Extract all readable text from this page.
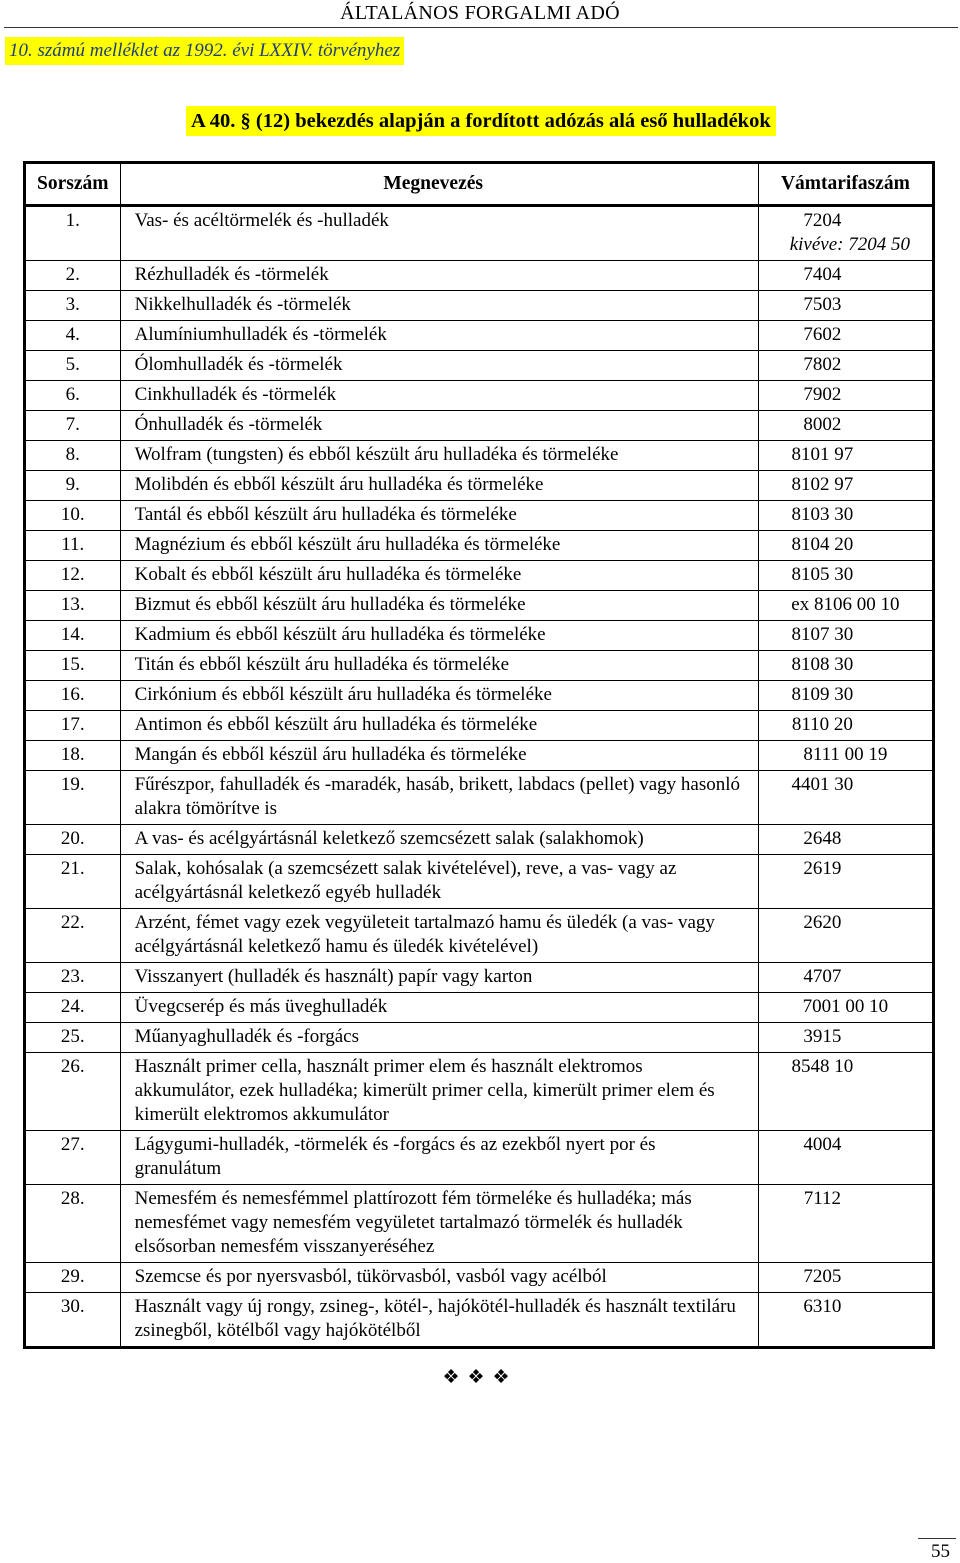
ÁLTALÁNOS FORGALMI ADÓ
10. számú melléklet az 1992. évi LXXIV. törvényhez
A 40. § (12) bekezdés alapján a fordított adózás alá eső hulladékok
Sorszám	Megnevezés	Vámtarifaszám
1.	Vas- és acéltörmelék és -hulladék	7204
kivéve: 7204 50

2.	Rézhulladék és -törmelék	7404

3.	Nikkelhulladék és -törmelék	7503

4.	Alumíniumhulladék és -törmelék	7602

5.	Ólomhulladék és -törmelék	7802

6.	Cinkhulladék és -törmelék	7902

7.	Ónhulladék és -törmelék	8002

8.	Wolfram (tungsten) és ebből készült áru hulladéka és törmeléke	8101 97

9.	Molibdén és ebből készült áru hulladéka és törmeléke	8102 97

10.	Tantál és ebből készült áru hulladéka és törmeléke	8103 30

11.	Magnézium és ebből készült áru hulladéka és törmeléke	8104 20

12.	Kobalt és ebből készült áru hulladéka és törmeléke	8105 30

13.	Bizmut és ebből készült áru hulladéka és törmeléke	ex 8106 00 10

14.	Kadmium és ebből készült áru hulladéka és törmeléke	8107 30

15.	Titán és ebből készült áru hulladéka és törmeléke	8108 30

16.	Cirkónium és ebből készült áru hulladéka és törmeléke	8109 30

17.	Antimon és ebből készült áru hulladéka és törmeléke	8110 20

18.	Mangán és ebből készül áru hulladéka és törmeléke	8111 00 19

19.	Fűrészpor, fahulladék és -maradék, hasáb, brikett, labdacs (pellet) vagy hasonló alakra tömörítve is	4401 30

20.	A vas- és acélgyártásnál keletkező szemcsézett salak (salakhomok)	2648

21.	Salak, kohósalak (a szemcsézett salak kivételével), reve, a vas- vagy az acélgyártásnál keletkező egyéb hulladék	2619

22.	Arzént, fémet vagy ezek vegyületeit tartalmazó hamu és üledék (a vas- vagy acélgyártásnál keletkező hamu és üledék kivételével)	2620

23.	Visszanyert (hulladék és használt) papír vagy karton	4707

24.	Üvegcserép és más üveghulladék	7001 00 10

25.	Műanyaghulladék és -forgács	3915

26.	Használt primer cella, használt primer elem és használt elektromos akkumulátor, ezek hulladéka; kimerült primer cella, kimerült primer elem és kimerült elektromos akkumulátor	8548 10

27.	Lágygumi-hulladék, -törmelék és -forgács és az ezekből nyert por és granulátum	4004

28.	Nemesfém és nemesfémmel plattírozott fém törmeléke és hulladéka; más nemesfémet vagy nemesfém vegyületet tartalmazó törmelék és hulladék elsősorban nemesfém visszanyeréséhez	7112

29.	Szemcse és por nyersvasból, tükörvasból, vasból vagy acélból	7205

30.	Használt vagy új rongy, zsineg-, kötél-, hajókötél-hulladék és használt textiláru zsinegből, kötélből vagy hajókötélből	6310
❖❖❖
55
